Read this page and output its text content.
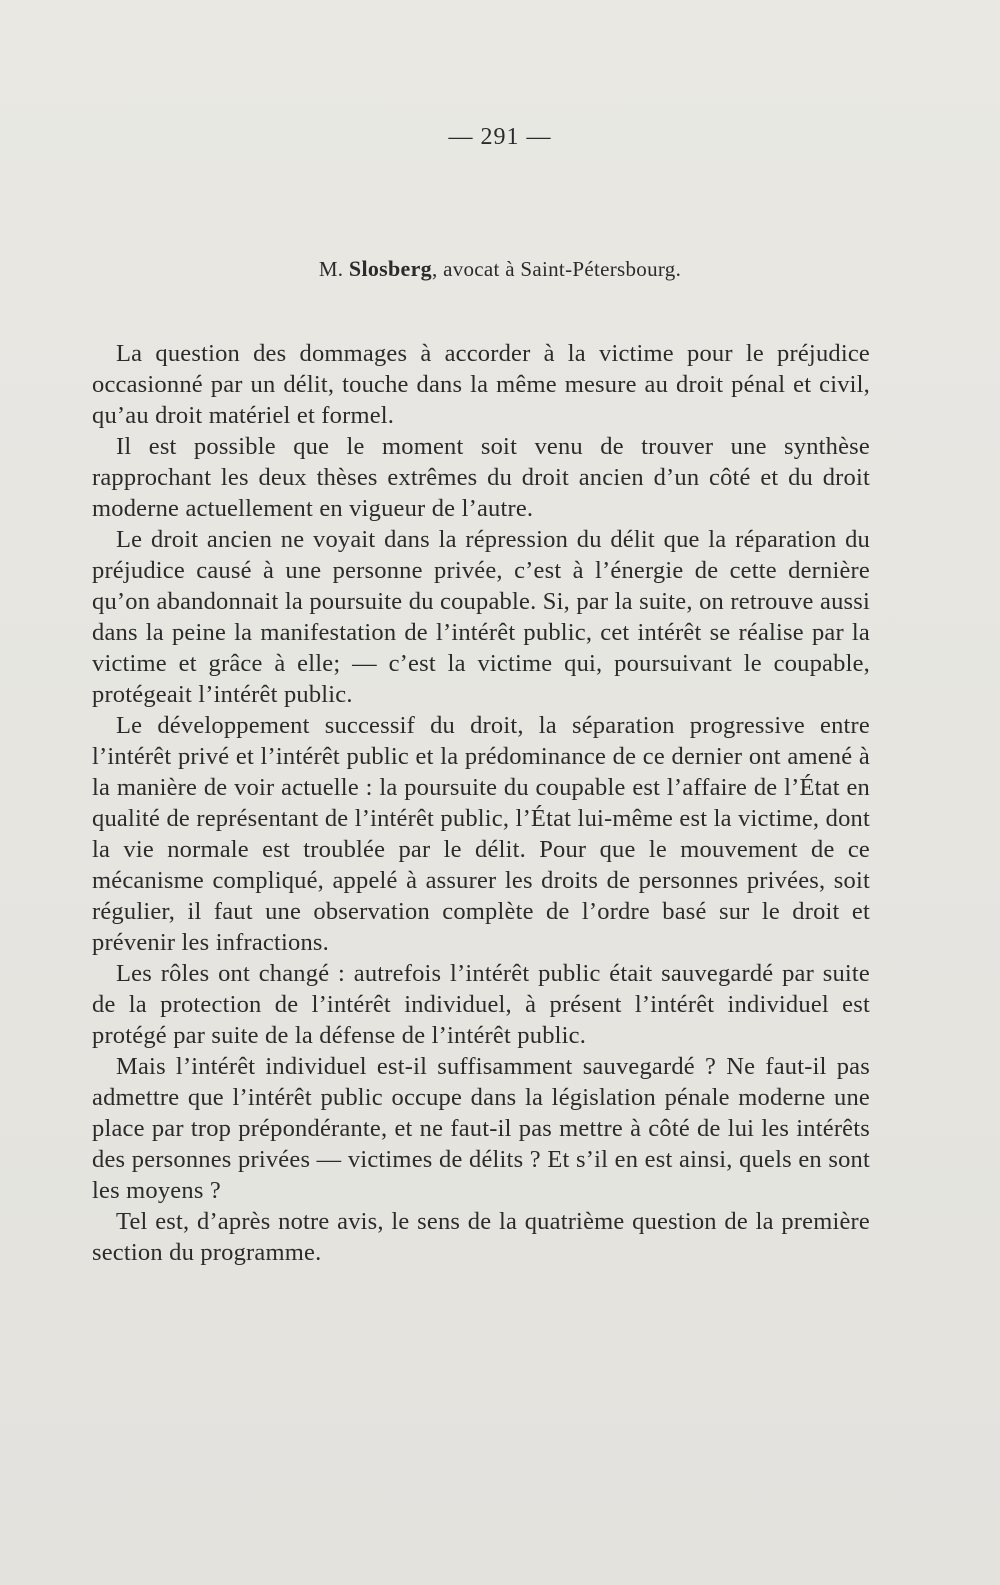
— 291 —
M. Slosberg, avocat à Saint-Pétersbourg.

La question des dommages à accorder à la victime pour le préjudice occasionné par un délit, touche dans la même mesure au droit pénal et civil, qu’au droit matériel et formel.

Il est possible que le moment soit venu de trouver une synthèse rapprochant les deux thèses extrêmes du droit ancien d’un côté et du droit moderne actuellement en vigueur de l’autre.

Le droit ancien ne voyait dans la répression du délit que la réparation du préjudice causé à une personne privée, c’est à l’énergie de cette dernière qu’on abandonnait la poursuite du coupable. Si, par la suite, on retrouve aussi dans la peine la manifestation de l’intérêt public, cet intérêt se réalise par la victime et grâce à elle; — c’est la victime qui, poursuivant le coupable, protégeait l’intérêt public.

Le développement successif du droit, la séparation progressive entre l’intérêt privé et l’intérêt public et la prédominance de ce dernier ont amené à la manière de voir actuelle : la poursuite du coupable est l’affaire de l’État en qualité de représentant de l’intérêt public, l’État lui-même est la victime, dont la vie normale est troublée par le délit. Pour que le mouvement de ce mécanisme compliqué, appelé à assurer les droits de personnes privées, soit régulier, il faut une observation complète de l’ordre basé sur le droit et prévenir les infractions.

Les rôles ont changé : autrefois l’intérêt public était sauvegardé par suite de la protection de l’intérêt individuel, à présent l’intérêt individuel est protégé par suite de la défense de l’intérêt public.

Mais l’intérêt individuel est-il suffisamment sauvegardé ? Ne faut-il pas admettre que l’intérêt public occupe dans la législation pénale moderne une place par trop prépondérante, et ne faut-il pas mettre à côté de lui les intérêts des personnes privées — victimes de délits ? Et s’il en est ainsi, quels en sont les moyens ?

Tel est, d’après notre avis, le sens de la quatrième question de la première section du programme.
